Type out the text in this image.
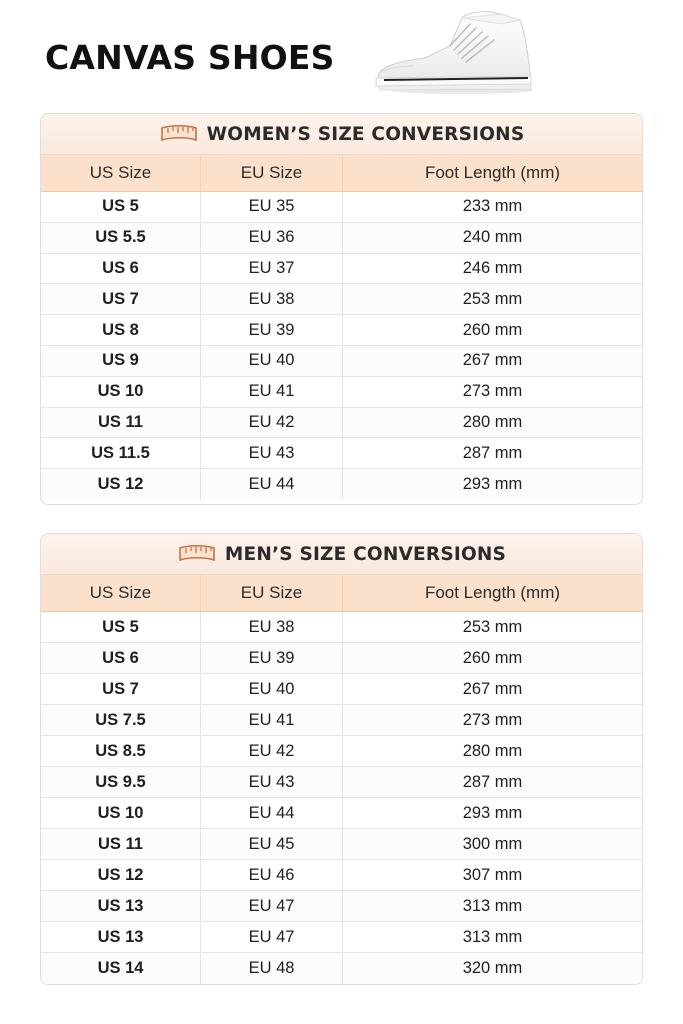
CANVAS SHOES
WOMEN’S SIZE CONVERSIONS
US Size	EU Size	Foot Length (mm)
US 5	EU 35	233 mm
US 5.5	EU 36	240 mm
US 6	EU 37	246 mm
US 7	EU 38	253 mm
US 8	EU 39	260 mm
US 9	EU 40	267 mm
US 10	EU 41	273 mm
US 11	EU 42	280 mm
US 11.5	EU 43	287 mm
US 12	EU 44	293 mm
MEN’S SIZE CONVERSIONS
US Size	EU Size	Foot Length (mm)
US 5	EU 38	253 mm
US 6	EU 39	260 mm
US 7	EU 40	267 mm
US 7.5	EU 41	273 mm
US 8.5	EU 42	280 mm
US 9.5	EU 43	287 mm
US 10	EU 44	293 mm
US 11	EU 45	300 mm
US 12	EU 46	307 mm
US 13	EU 47	313 mm
US 13	EU 47	313 mm
US 14	EU 48	320 mm
